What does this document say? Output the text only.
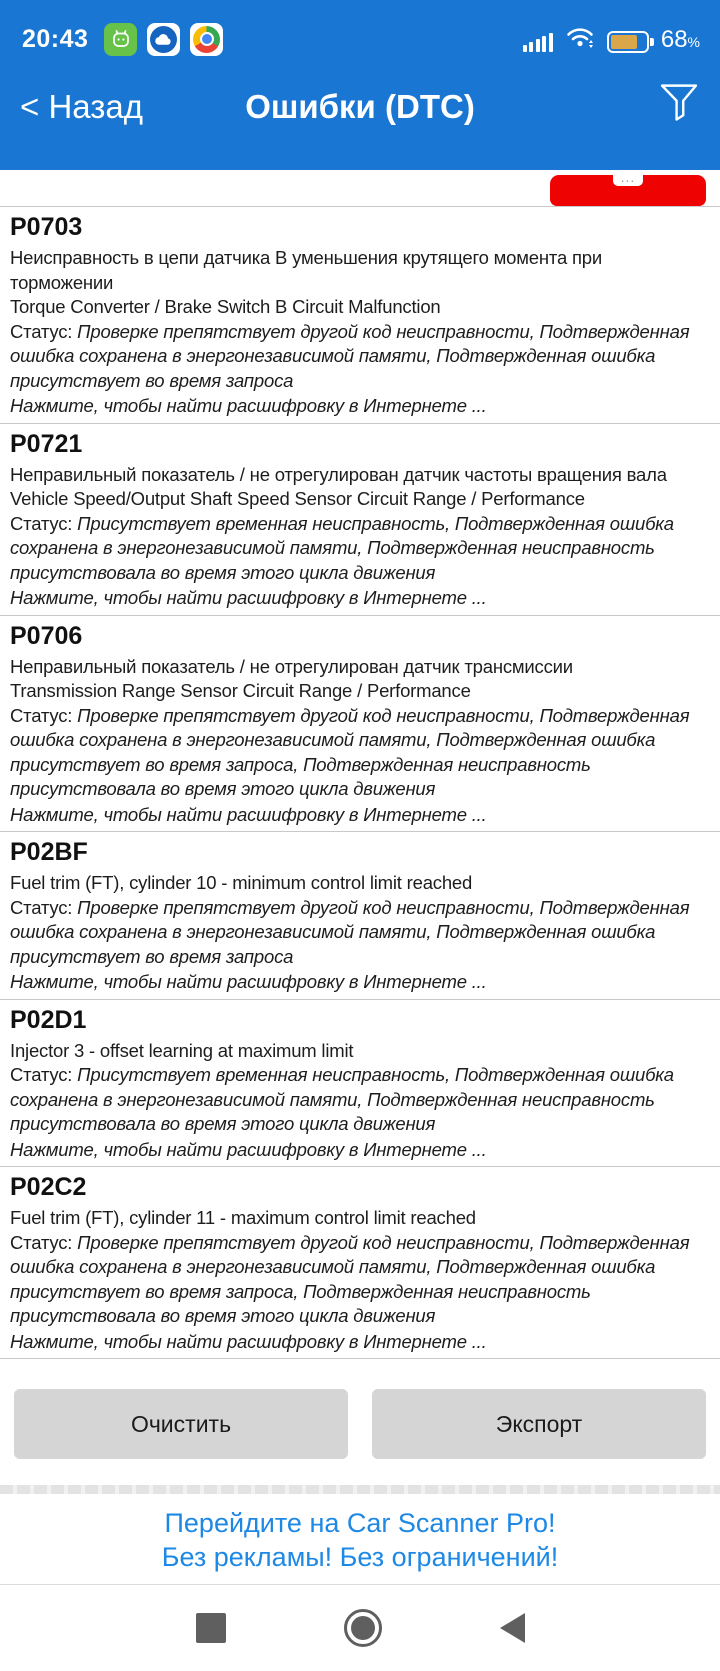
20:43	68%
< Назад	Ошибки (DTC)
...
P0703
Неисправность в цепи датчика B уменьшения крутящего момента при торможении
Torque Converter / Brake Switch B Circuit Malfunction
Статус: Проверке препятствует другой код неисправности, Подтвержденная ошибка сохранена в энергонезависимой памяти, Подтвержденная ошибка присутствует во время запроса
Нажмите, чтобы найти расшифровку в Интернете ...
P0721
Неправильный показатель / не отрегулирован датчик частоты вращения вала
Vehicle Speed/Output Shaft Speed Sensor Circuit Range / Performance
Статус: Присутствует временная неисправность, Подтвержденная ошибка сохранена в энергонезависимой памяти, Подтвержденная неисправность присутствовала во время этого цикла движения
Нажмите, чтобы найти расшифровку в Интернете ...
P0706
Неправильный показатель / не отрегулирован датчик трансмиссии
Transmission Range Sensor Circuit Range / Performance
Статус: Проверке препятствует другой код неисправности, Подтвержденная ошибка сохранена в энергонезависимой памяти, Подтвержденная ошибка присутствует во время запроса, Подтвержденная неисправность присутствовала во время этого цикла движения
Нажмите, чтобы найти расшифровку в Интернете ...
P02BF
Fuel trim (FT), cylinder 10 - minimum control limit reached
Статус: Проверке препятствует другой код неисправности, Подтвержденная ошибка сохранена в энергонезависимой памяти, Подтвержденная ошибка присутствует во время запроса
Нажмите, чтобы найти расшифровку в Интернете ...
P02D1
Injector 3 - offset learning at maximum limit
Статус: Присутствует временная неисправность, Подтвержденная ошибка сохранена в энергонезависимой памяти, Подтвержденная неисправность присутствовала во время этого цикла движения
Нажмите, чтобы найти расшифровку в Интернете ...
P02C2
Fuel trim (FT), cylinder 11 - maximum control limit reached
Статус: Проверке препятствует другой код неисправности, Подтвержденная ошибка сохранена в энергонезависимой памяти, Подтвержденная ошибка присутствует во время запроса, Подтвержденная неисправность присутствовала во время этого цикла движения
Нажмите, чтобы найти расшифровку в Интернете ...
Очистить	Экспорт
Перейдите на Car Scanner Pro!
Без рекламы! Без ограничений!
